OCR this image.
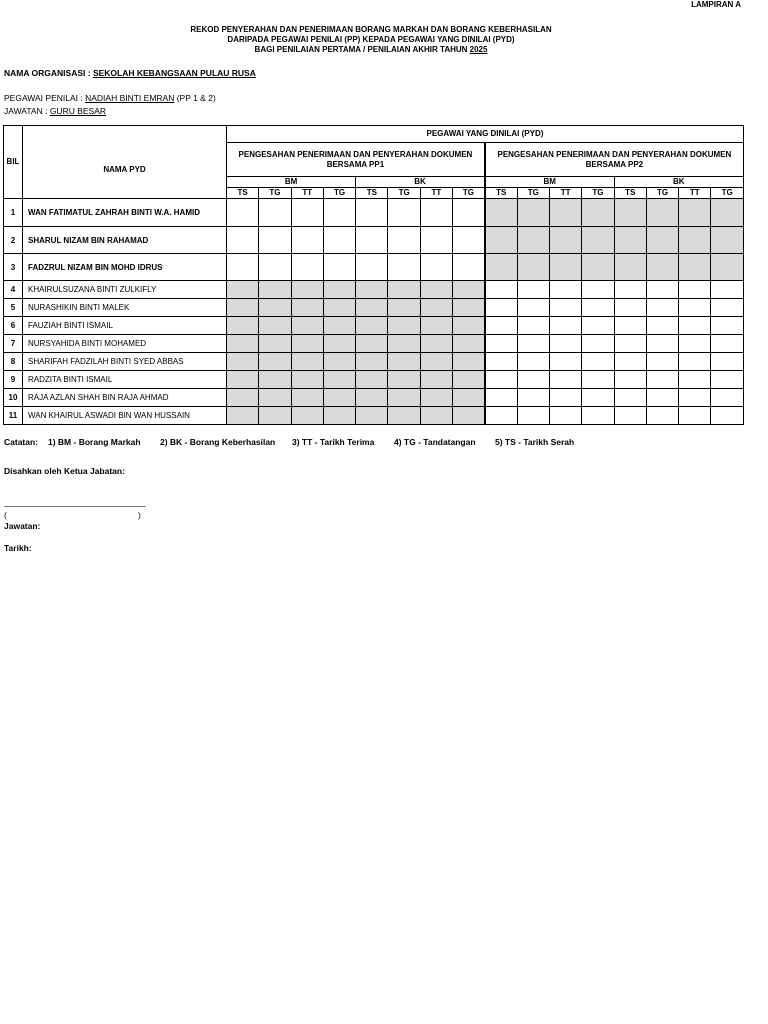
LAMPIRAN A
REKOD PENYERAHAN DAN PENERIMAAN BORANG MARKAH DAN BORANG KEBERHASILAN
DARIPADA PEGAWAI PENILAI (PP) KEPADA PEGAWAI YANG DINILAI (PYD)
BAGI PENILAIAN PERTAMA / PENILAIAN AKHIR TAHUN 2025
NAMA ORGANISASI : SEKOLAH KEBANGSAAN PULAU RUSA
PEGAWAI PENILAI : NADIAH BINTI EMRAN (PP 1 & 2)
JAWATAN : GURU BESAR
BIL		PEGAWAI YANG DINILAI (PYD)															
	NAMA PYD	PENGESAHAN PENERIMAAN DAN PENYERAHAN DOKUMEN BERSAMA PP1								PENGESAHAN PENERIMAAN DAN PENYERAHAN DOKUMEN BERSAMA PP2							
		BM				BK				BM				BK			
		TS	TG	TT	TG	TS	TG	TT	TG	TS	TG	TT	TG	TS	TG	TT	TG
1	WAN FATIMATUL ZAHRAH BINTI W.A. HAMID																
2	SHARUL NIZAM BIN RAHAMAD																
3	FADZRUL NIZAM BIN MOHD IDRUS																
4	KHAIRULSUZANA BINTI ZULKIFLY																
5	NURASHIKIN BINTI MALEK																
6	FAUZIAH BINTI ISMAIL																
7	NURSYAHIDA BINTI MOHAMED																
8	SHARIFAH FADZILAH BINTI SYED ABBAS																
9	RADZITA BINTI ISMAIL																
10	RAJA AZLAN SHAH BIN RAJA AHMAD																
11	WAN KHAIRUL ASWADI BIN WAN HUSSAIN																
Catatan: 1) BM - Borang Markah 2) BK - Borang Keberhasilan 3) TT - Tarikh Terima 4) TG - Tandatangan 5) TS - Tarikh Serah
Disahkan oleh Ketua Jabatan:
______________________________
(	)
Jawatan:
Tarikh:
